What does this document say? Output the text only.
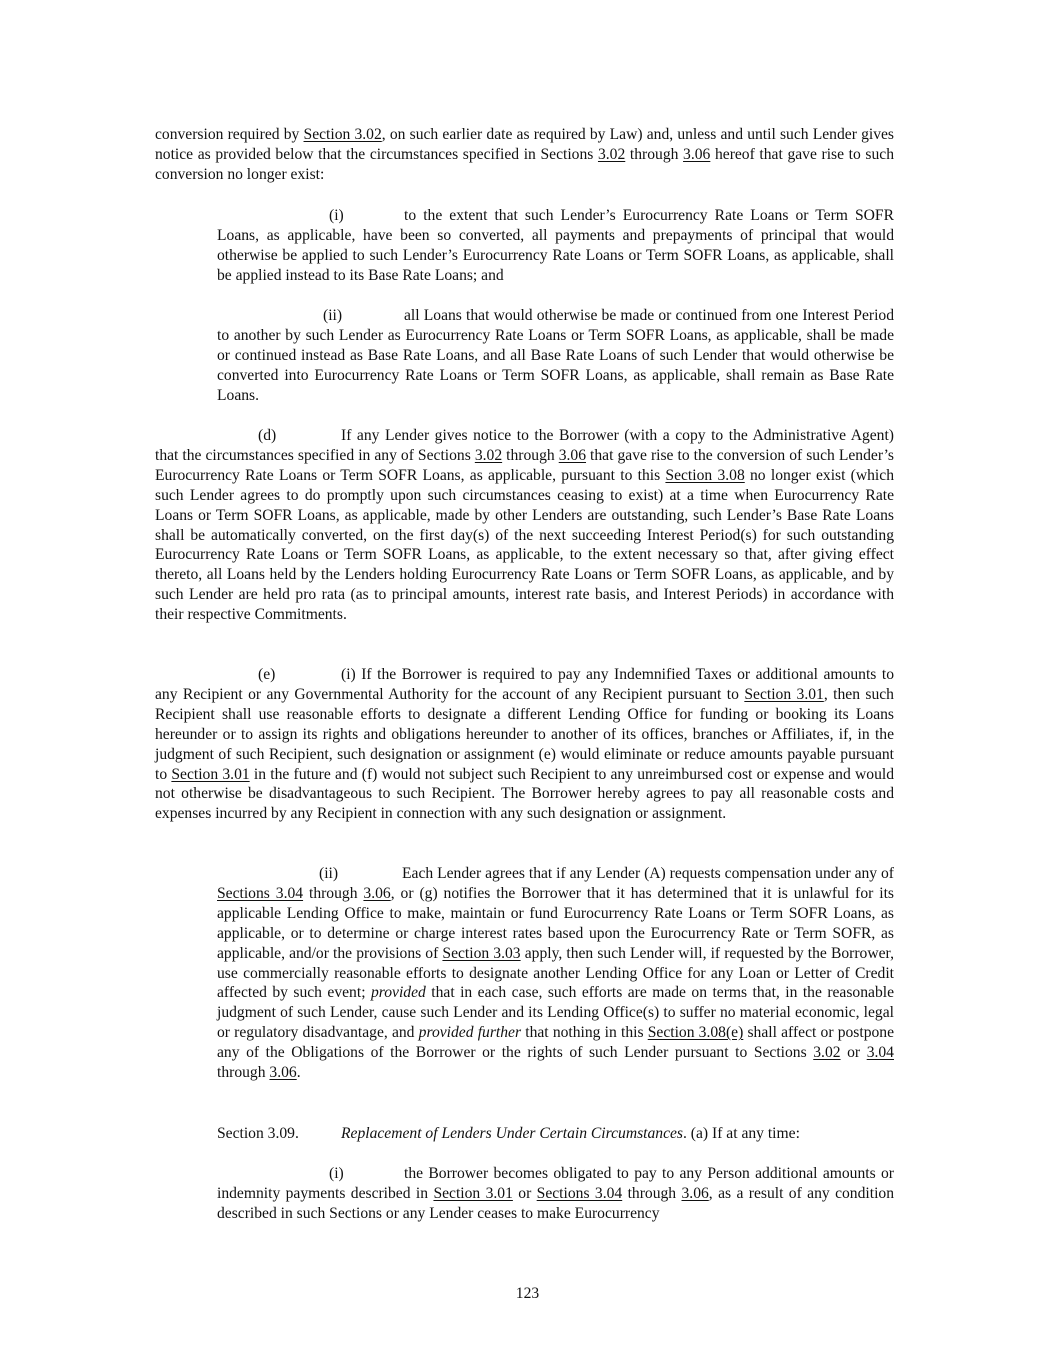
conversion required by Section 3.02, on such earlier date as required by Law) and, unless and until such Lender gives notice as provided below that the circumstances specified in Sections 3.02 through 3.06 hereof that gave rise to such conversion no longer exist:

(i)	to the extent that such Lender’s Eurocurrency Rate Loans or Term SOFR Loans, as applicable, have been so converted, all payments and prepayments of principal that would otherwise be applied to such Lender’s Eurocurrency Rate Loans or Term SOFR Loans, as applicable, shall be applied instead to its Base Rate Loans; and

(ii)	all Loans that would otherwise be made or continued from one Interest Period to another by such Lender as Eurocurrency Rate Loans or Term SOFR Loans, as applicable, shall be made or continued instead as Base Rate Loans, and all Base Rate Loans of such Lender that would otherwise be converted into Eurocurrency Rate Loans or Term SOFR Loans, as applicable, shall remain as Base Rate Loans.

(d)	If any Lender gives notice to the Borrower (with a copy to the Administrative Agent) that the circumstances specified in any of Sections 3.02 through 3.06 that gave rise to the conversion of such Lender’s Eurocurrency Rate Loans or Term SOFR Loans, as applicable, pursuant to this Section 3.08 no longer exist (which such Lender agrees to do promptly upon such circumstances ceasing to exist) at a time when Eurocurrency Rate Loans or Term SOFR Loans, as applicable, made by other Lenders are outstanding, such Lender’s Base Rate Loans shall be automatically converted, on the first day(s) of the next succeeding Interest Period(s) for such outstanding Eurocurrency Rate Loans or Term SOFR Loans, as applicable, to the extent necessary so that, after giving effect thereto, all Loans held by the Lenders holding Eurocurrency Rate Loans or Term SOFR Loans, as applicable, and by such Lender are held pro rata (as to principal amounts, interest rate basis, and Interest Periods) in accordance with their respective Commitments.

(e)	(i) If the Borrower is required to pay any Indemnified Taxes or additional amounts to any Recipient or any Governmental Authority for the account of any Recipient pursuant to Section 3.01, then such Recipient shall use reasonable efforts to designate a different Lending Office for funding or booking its Loans hereunder or to assign its rights and obligations hereunder to another of its offices, branches or Affiliates, if, in the judgment of such Recipient, such designation or assignment (e) would eliminate or reduce amounts payable pursuant to Section 3.01 in the future and (f) would not subject such Recipient to any unreimbursed cost or expense and would not otherwise be disadvantageous to such Recipient. The Borrower hereby agrees to pay all reasonable costs and expenses incurred by any Recipient in connection with any such designation or assignment.

(ii)	Each Lender agrees that if any Lender (A) requests compensation under any of Sections 3.04 through 3.06, or (g) notifies the Borrower that it has determined that it is unlawful for its applicable Lending Office to make, maintain or fund Eurocurrency Rate Loans or Term SOFR Loans, as applicable, or to determine or charge interest rates based upon the Eurocurrency Rate or Term SOFR, as applicable, and/or the provisions of Section 3.03 apply, then such Lender will, if requested by the Borrower, use commercially reasonable efforts to designate another Lending Office for any Loan or Letter of Credit affected by such event; provided that in each case, such efforts are made on terms that, in the reasonable judgment of such Lender, cause such Lender and its Lending Office(s) to suffer no material economic, legal or regulatory disadvantage, and provided further that nothing in this Section 3.08(e) shall affect or postpone any of the Obligations of the Borrower or the rights of such Lender pursuant to Sections 3.02 or 3.04 through 3.06.

Section 3.09.	Replacement of Lenders Under Certain Circumstances. (a) If at any time:

(i)	the Borrower becomes obligated to pay to any Person additional amounts or indemnity payments described in Section 3.01 or Sections 3.04 through 3.06, as a result of any condition described in such Sections or any Lender ceases to make Eurocurrency

123
